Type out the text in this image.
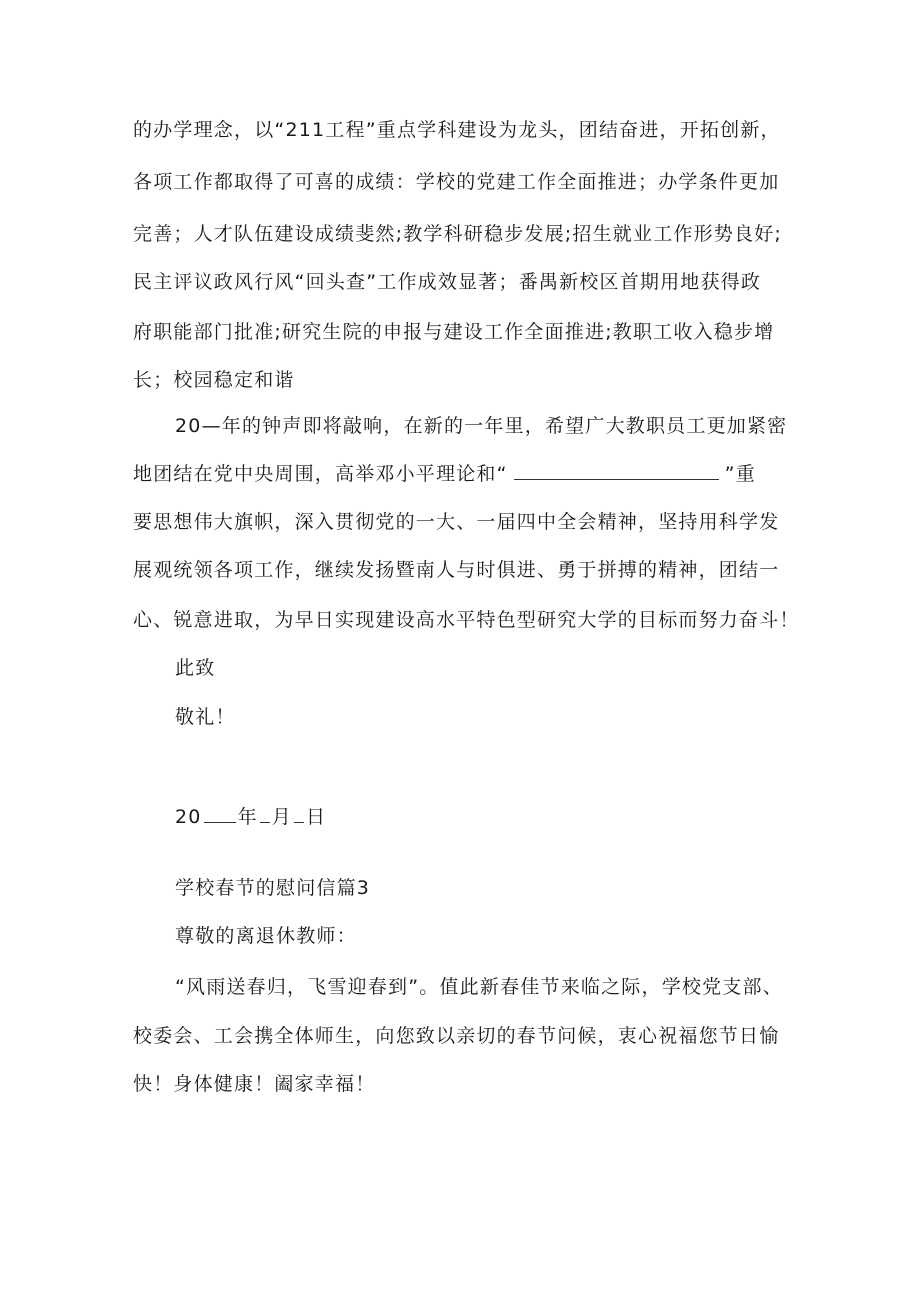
的办学理念，以“211工程”重点学科建设为龙头，团结奋进，开拓创新，
各项工作都取得了可喜的成绩：学校的党建工作全面推进；办学条件更加
完善；人才队伍建设成绩斐然;教学科研稳步发展;招生就业工作形势良好;
民主评议政风行风“回头查”工作成效显著；番禺新校区首期用地获得政
府职能部门批准;研究生院的申报与建设工作全面推进;教职工收入稳步增
长；校园稳定和谐
20—年的钟声即将敲响，在新的一年里，希望广大教职员工更加紧密
地团结在党中央周围，高举邓小平理论和“	”重
要思想伟大旗帜，深入贯彻党的一大、一届四中全会精神，坚持用科学发
展观统领各项工作，继续发扬暨南人与时俱进、勇于拼搏的精神，团结一
心、锐意进取，为早日实现建设高水平特色型研究大学的目标而努力奋斗！
此致
敬礼！
20 年 月 日
学校春节的慰问信篇3
尊敬的离退休教师：
“风雨送春归，飞雪迎春到”。值此新春佳节来临之际，学校党支部、
校委会、工会携全体师生，向您致以亲切的春节问候，衷心祝福您节日愉
快！身体健康！阖家幸福！
